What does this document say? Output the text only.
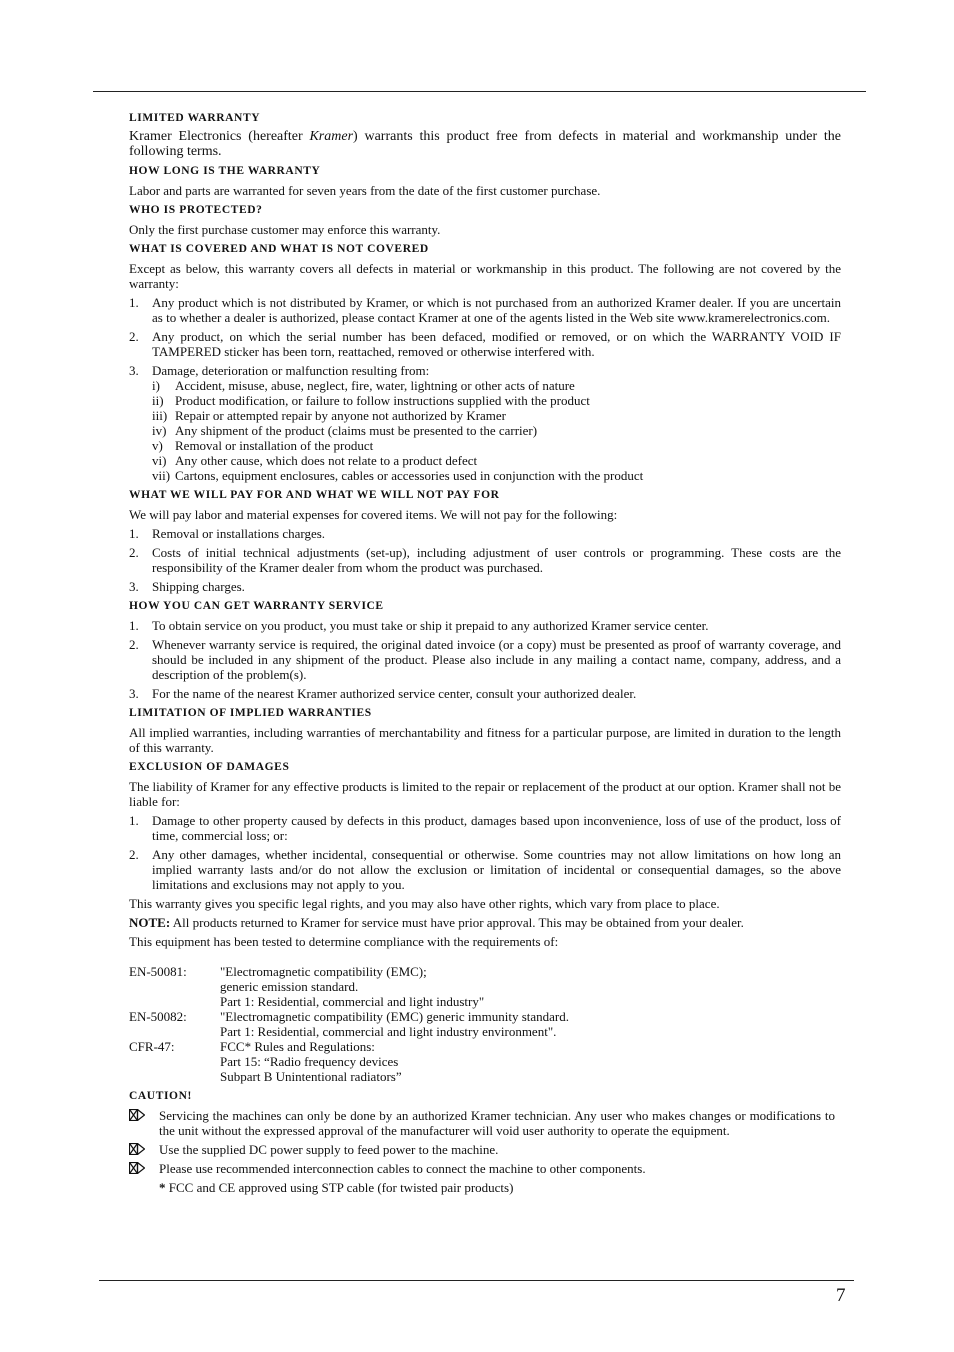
LIMITED WARRANTY

Kramer Electronics (hereafter Kramer) warrants this product free from defects in material and workmanship under the following terms.

HOW LONG IS THE WARRANTY

Labor and parts are warranted for seven years from the date of the first customer purchase.

WHO IS PROTECTED?

Only the first purchase customer may enforce this warranty.

WHAT IS COVERED AND WHAT IS NOT COVERED

Except as below, this warranty covers all defects in material or workmanship in this product. The following are not covered by the warranty:

1. Any product which is not distributed by Kramer, or which is not purchased from an authorized Kramer dealer. If you are uncertain as to whether a dealer is authorized, please contact Kramer at one of the agents listed in the Web site www.kramerelectronics.com.
2. Any product, on which the serial number has been defaced, modified or removed, or on which the WARRANTY VOID IF TAMPERED sticker has been torn, reattached, removed or otherwise interfered with.
3. Damage, deterioration or malfunction resulting from:
i) Accident, misuse, abuse, neglect, fire, water, lightning or other acts of nature
ii) Product modification, or failure to follow instructions supplied with the product
iii) Repair or attempted repair by anyone not authorized by Kramer
iv) Any shipment of the product (claims must be presented to the carrier)
v) Removal or installation of the product
vi) Any other cause, which does not relate to a product defect
vii) Cartons, equipment enclosures, cables or accessories used in conjunction with the product

WHAT WE WILL PAY FOR AND WHAT WE WILL NOT PAY FOR

We will pay labor and material expenses for covered items. We will not pay for the following:

1. Removal or installations charges.
2. Costs of initial technical adjustments (set-up), including adjustment of user controls or programming. These costs are the responsibility of the Kramer dealer from whom the product was purchased.
3. Shipping charges.

HOW YOU CAN GET WARRANTY SERVICE

1. To obtain service on you product, you must take or ship it prepaid to any authorized Kramer service center.
2. Whenever warranty service is required, the original dated invoice (or a copy) must be presented as proof of warranty coverage, and should be included in any shipment of the product. Please also include in any mailing a contact name, company, address, and a description of the problem(s).
3. For the name of the nearest Kramer authorized service center, consult your authorized dealer.

LIMITATION OF IMPLIED WARRANTIES

All implied warranties, including warranties of merchantability and fitness for a particular purpose, are limited in duration to the length of this warranty.

EXCLUSION OF DAMAGES

The liability of Kramer for any effective products is limited to the repair or replacement of the product at our option. Kramer shall not be liable for:

1. Damage to other property caused by defects in this product, damages based upon inconvenience, loss of use of the product, loss of time, commercial loss; or:
2. Any other damages, whether incidental, consequential or otherwise. Some countries may not allow limitations on how long an implied warranty lasts and/or do not allow the exclusion or limitation of incidental or consequential damages, so the above limitations and exclusions may not apply to you.

This warranty gives you specific legal rights, and you may also have other rights, which vary from place to place.

NOTE: All products returned to Kramer for service must have prior approval. This may be obtained from your dealer.

This equipment has been tested to determine compliance with the requirements of:

EN-50081:	"Electromagnetic compatibility (EMC);
generic emission standard.
Part 1: Residential, commercial and light industry"
EN-50082:	"Electromagnetic compatibility (EMC) generic immunity standard.
Part 1: Residential, commercial and light industry environment".
CFR-47:	FCC* Rules and Regulations:
Part 15: “Radio frequency devices
Subpart B Unintentional radiators”

CAUTION!

Servicing the machines can only be done by an authorized Kramer technician. Any user who makes changes or modifications to the unit without the expressed approval of the manufacturer will void user authority to operate the equipment.
Use the supplied DC power supply to feed power to the machine.
Please use recommended interconnection cables to connect the machine to other components.

* FCC and CE approved using STP cable (for twisted pair products)

7
